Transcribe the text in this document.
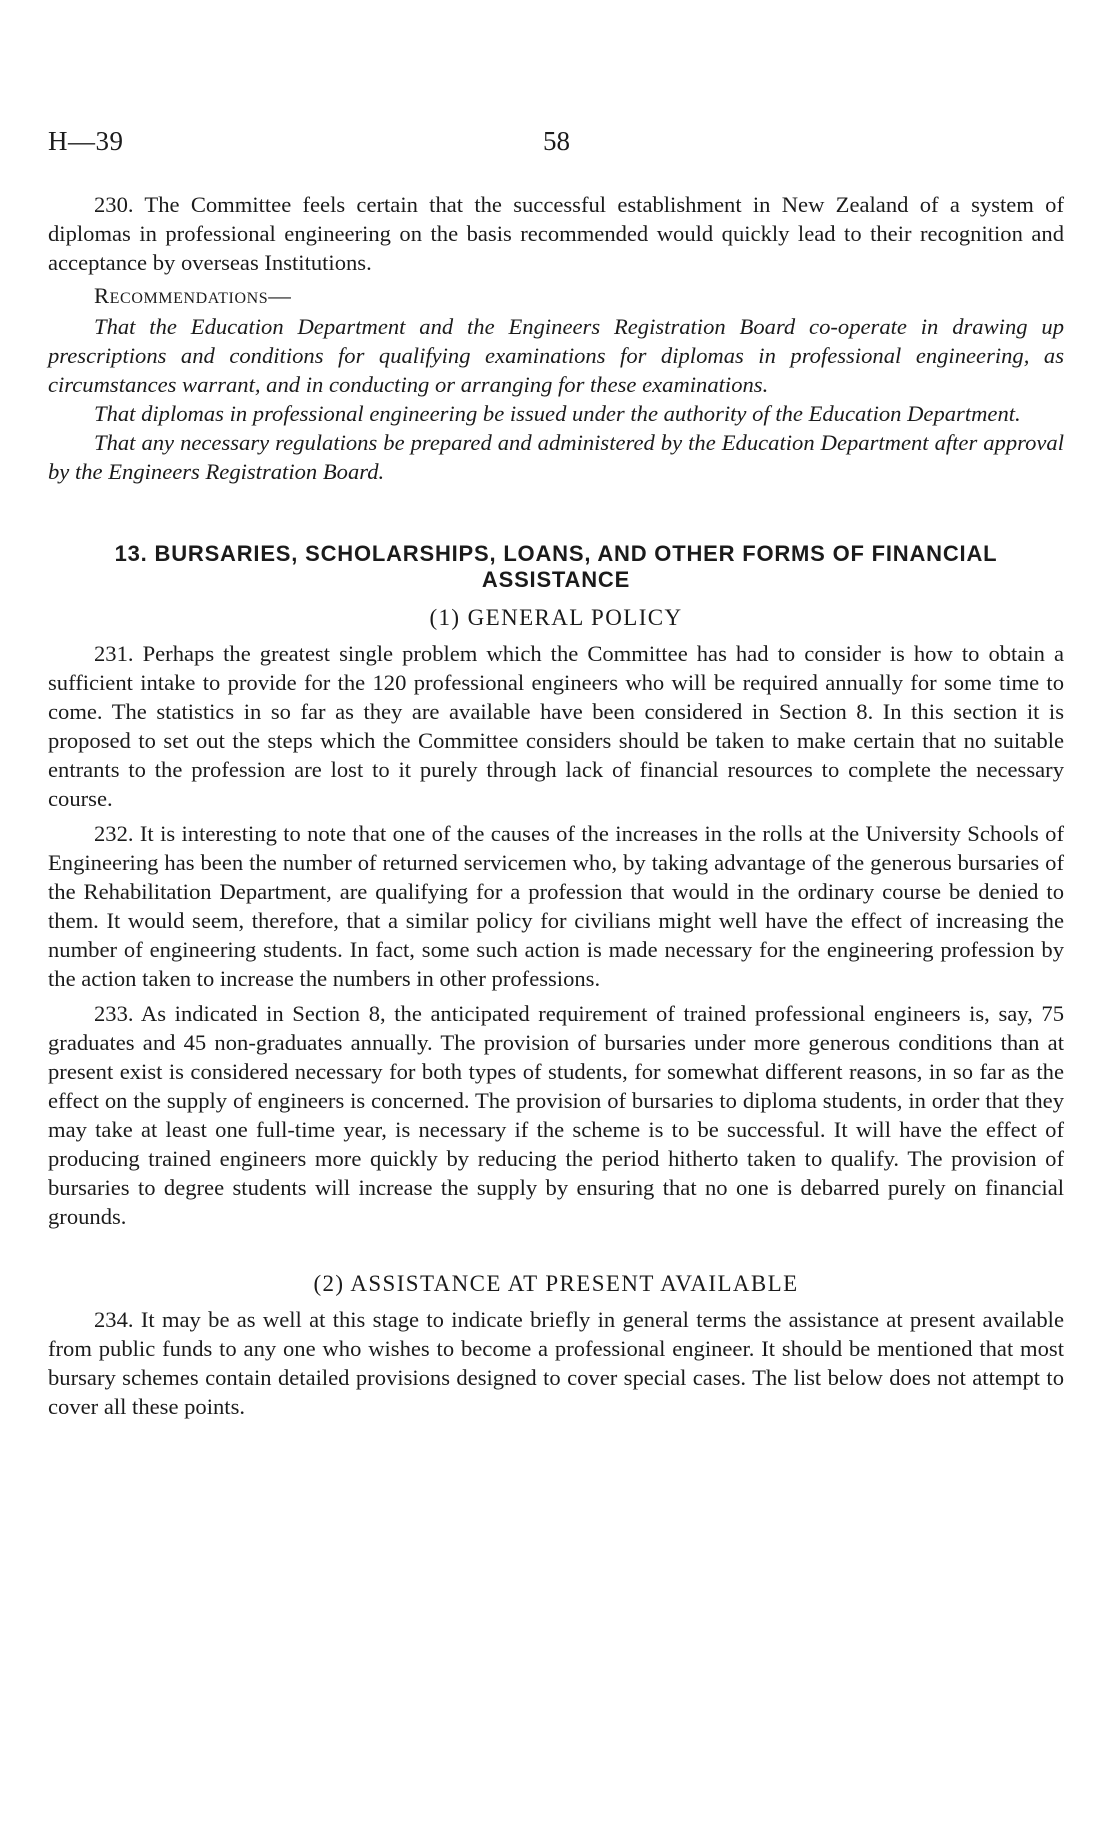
H—39	58

230. The Committee feels certain that the successful establishment in New Zealand of a system of diplomas in professional engineering on the basis recommended would quickly lead to their recognition and acceptance by overseas Institutions.

Recommendations—

That the Education Department and the Engineers Registration Board co-operate in drawing up prescriptions and conditions for qualifying examinations for diplomas in professional engineering, as circumstances warrant, and in conducting or arranging for these examinations.

That diplomas in professional engineering be issued under the authority of the Education Department.

That any necessary regulations be prepared and administered by the Education Department after approval by the Engineers Registration Board.

13. BURSARIES, SCHOLARSHIPS, LOANS, AND OTHER FORMS OF FINANCIAL ASSISTANCE
(1) GENERAL POLICY

231. Perhaps the greatest single problem which the Committee has had to consider is how to obtain a sufficient intake to provide for the 120 professional engineers who will be required annually for some time to come. The statistics in so far as they are available have been considered in Section 8. In this section it is proposed to set out the steps which the Committee considers should be taken to make certain that no suitable entrants to the profession are lost to it purely through lack of financial resources to complete the necessary course.

232. It is interesting to note that one of the causes of the increases in the rolls at the University Schools of Engineering has been the number of returned servicemen who, by taking advantage of the generous bursaries of the Rehabilitation Department, are qualifying for a profession that would in the ordinary course be denied to them. It would seem, therefore, that a similar policy for civilians might well have the effect of increasing the number of engineering students. In fact, some such action is made necessary for the engineering profession by the action taken to increase the numbers in other professions.

233. As indicated in Section 8, the anticipated requirement of trained professional engineers is, say, 75 graduates and 45 non-graduates annually. The provision of bursaries under more generous conditions than at present exist is considered necessary for both types of students, for somewhat different reasons, in so far as the effect on the supply of engineers is concerned. The provision of bursaries to diploma students, in order that they may take at least one full-time year, is necessary if the scheme is to be successful. It will have the effect of producing trained engineers more quickly by reducing the period hitherto taken to qualify. The provision of bursaries to degree students will increase the supply by ensuring that no one is debarred purely on financial grounds.

(2) ASSISTANCE AT PRESENT AVAILABLE

234. It may be as well at this stage to indicate briefly in general terms the assistance at present available from public funds to any one who wishes to become a professional engineer. It should be mentioned that most bursary schemes contain detailed provisions designed to cover special cases. The list below does not attempt to cover all these points.
